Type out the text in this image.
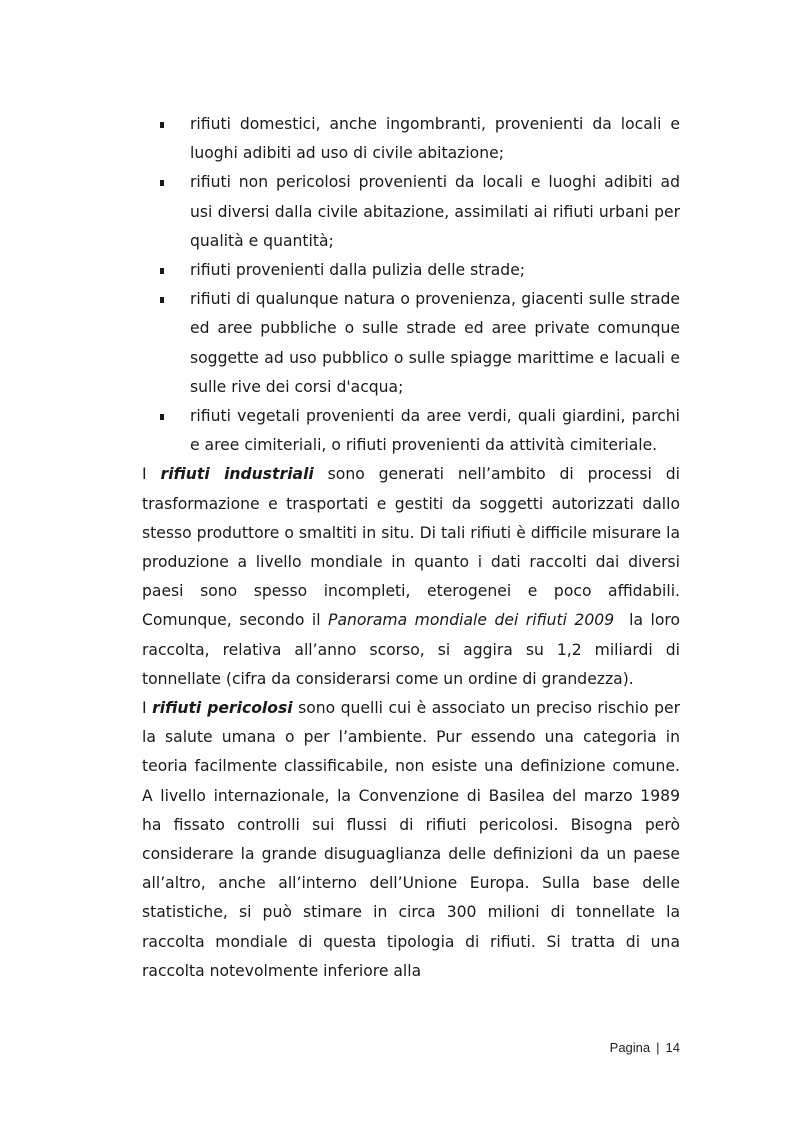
rifiuti domestici, anche ingombranti, provenienti da locali e luoghi adibiti ad uso di civile abitazione;
rifiuti non pericolosi provenienti da locali e luoghi adibiti ad usi diversi dalla civile abitazione, assimilati ai rifiuti urbani per qualità e quantità;
rifiuti provenienti dalla pulizia delle strade;
rifiuti di qualunque natura o provenienza, giacenti sulle strade ed aree pubbliche o sulle strade ed aree private comunque soggette ad uso pubblico o sulle spiagge marittime e lacuali e sulle rive dei corsi d'acqua;
rifiuti vegetali provenienti da aree verdi, quali giardini, parchi e aree cimiteriali, o rifiuti provenienti da attività cimiteriale.

I rifiuti industriali sono generati nell’ambito di processi di trasformazione e trasportati e gestiti da soggetti autorizzati dallo stesso produttore o smaltiti in situ. Di tali rifiuti è difficile misurare la produzione a livello mondiale in quanto i dati raccolti dai diversi paesi sono spesso incompleti, eterogenei e poco affidabili. Comunque, secondo il Panorama mondiale dei rifiuti 2009 la loro raccolta, relativa all’anno scorso, si aggira su 1,2 miliardi di tonnellate (cifra da considerarsi come un ordine di grandezza).

I rifiuti pericolosi sono quelli cui è associato un preciso rischio per la salute umana o per l’ambiente. Pur essendo una categoria in teoria facilmente classificabile, non esiste una definizione comune. A livello internazionale, la Convenzione di Basilea del marzo 1989 ha fissato controlli sui flussi di rifiuti pericolosi. Bisogna però considerare la grande disuguaglianza delle definizioni da un paese all’altro, anche all’interno dell’Unione Europa. Sulla base delle statistiche, si può stimare in circa 300 milioni di tonnellate la raccolta mondiale di questa tipologia di rifiuti. Si tratta di una raccolta notevolmente inferiore alla

Pagina | 14
